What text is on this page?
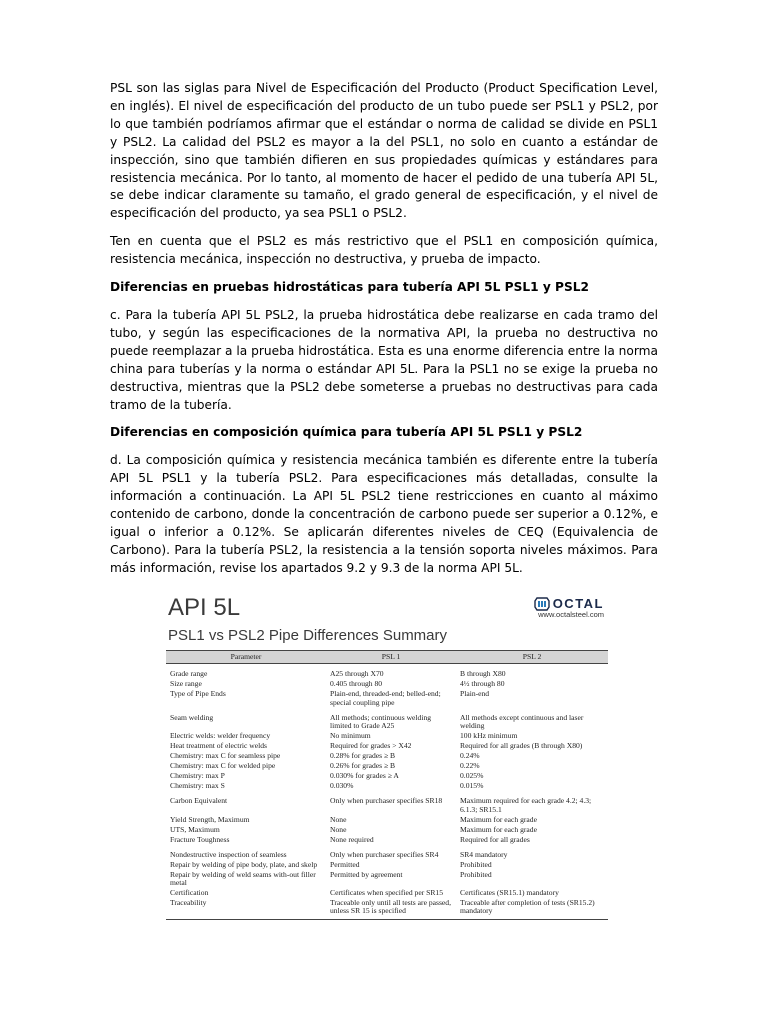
PSL son las siglas para Nivel de Especificación del Producto (Product Specification Level, en inglés). El nivel de especificación del producto de un tubo puede ser PSL1 y PSL2, por lo que también podríamos afirmar que el estándar o norma de calidad se divide en PSL1 y PSL2. La calidad del PSL2 es mayor a la del PSL1, no solo en cuanto a estándar de inspección, sino que también difieren en sus propiedades químicas y estándares para resistencia mecánica. Por lo tanto, al momento de hacer el pedido de una tubería API 5L, se debe indicar claramente su tamaño, el grado general de especificación, y el nivel de especificación del producto, ya sea PSL1 o PSL2.

Ten en cuenta que el PSL2 es más restrictivo que el PSL1 en composición química, resistencia mecánica, inspección no destructiva, y prueba de impacto.

Diferencias en pruebas hidrostáticas para tubería API 5L PSL1 y PSL2

c. Para la tubería API 5L PSL2, la prueba hidrostática debe realizarse en cada tramo del tubo, y según las especificaciones de la normativa API, la prueba no destructiva no puede reemplazar a la prueba hidrostática. Esta es una enorme diferencia entre la norma china para tuberías y la norma o estándar API 5L. Para la PSL1 no se exige la prueba no destructiva, mientras que la PSL2 debe someterse a pruebas no destructivas para cada tramo de la tubería.

Diferencias en composición química para tubería API 5L PSL1 y PSL2

d. La composición química y resistencia mecánica también es diferente entre la tubería API 5L PSL1 y la tubería PSL2. Para especificaciones más detalladas, consulte la información a continuación. La API 5L PSL2 tiene restricciones en cuanto al máximo contenido de carbono, donde la concentración de carbono puede ser superior a 0.12%, e igual o inferior a 0.12%. Se aplicarán diferentes niveles de CEQ (Equivalencia de Carbono). Para la tubería PSL2, la resistencia a la tensión soporta niveles máximos. Para más información, revise los apartados 9.2 y 9.3 de la norma API 5L.

API 5L
PSL1 vs PSL2 Pipe Differences Summary
OCTAL
www.octalsteel.com
Parameter	PSL 1	PSL 2
Grade range	A25 through X70	B through X80
Size range	0.405 through 80	4½ through 80
Type of Pipe Ends	Plain-end, threaded-end; belled-end; special coupling pipe	Plain-end
Seam welding	All methods; continuous welding limited to Grade A25	All methods except continuous and laser welding
Electric welds: welder frequency	No minimum	100 kHz minimum
Heat treatment of electric welds	Required for grades > X42	Required for all grades (B through X80)
Chemistry: max C for seamless pipe	0.28% for grades ≥ B	0.24%
Chemistry: max C for welded pipe	0.26% for grades ≥ B	0.22%
Chemistry: max P	0.030% for grades ≥ A	0.025%
Chemistry: max S	0.030%	0.015%
Carbon Equivalent	Only when purchaser specifies SR18	Maximum required for each grade 4.2; 4.3; 6.1.3; SR15.1
Yield Strength, Maximum	None	Maximum for each grade
UTS, Maximum	None	Maximum for each grade
Fracture Toughness	None required	Required for all grades
Nondestructive inspection of seamless	Only when purchaser specifies SR4	SR4 mandatory
Repair by welding of pipe body, plate, and skelp	Permitted	Prohibited
Repair by welding of weld seams with-out filler metal	Permitted by agreement	Prohibited
Certification	Certificates when specified per SR15	Certificates (SR15.1) mandatory
Traceability	Traceable only until all tests are passed, unless SR 15 is specified	Traceable after completion of tests (SR15.2) mandatory
